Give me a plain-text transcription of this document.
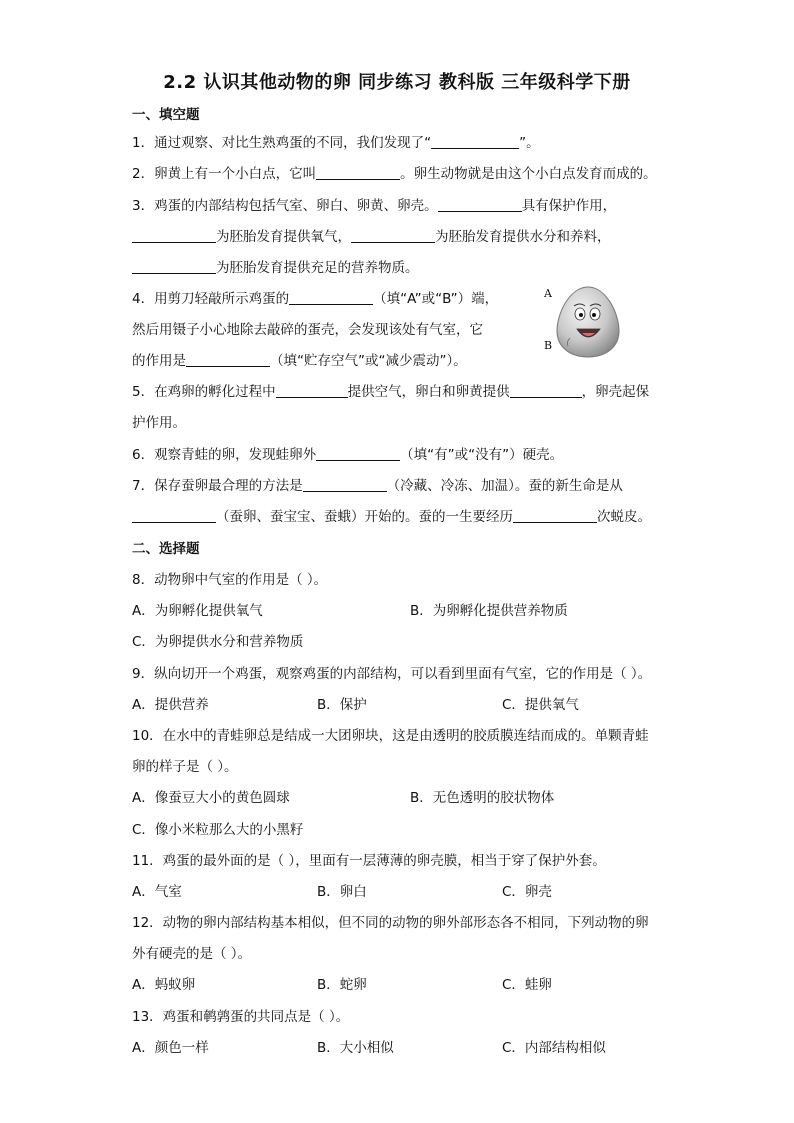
2.2 认识其他动物的卵 同步练习 教科版 三年级科学下册
一、填空题
1．通过观察、对比生熟鸡蛋的不同，我们发现了“	”。
2．卵黄上有一个小白点，它叫	。卵生动物就是由这个小白点发育而成的。
3．鸡蛋的内部结构包括气室、卵白、卵黄、卵壳。	具有保护作用，
为胚胎发育提供氧气，	为胚胎发育提供水分和养料，
为胚胎发育提供充足的营养物质。
4．用剪刀轻敲所示鸡蛋的	（填“A”或“B”）端，
然后用镊子小心地除去敲碎的蛋壳，会发现该处有气室，它
的作用是	（填“贮存空气”或“减少震动”）。
A
B
5．在鸡卵的孵化过程中	提供空气，卵白和卵黄提供	，卵壳起保
护作用。
6．观察青蛙的卵，发现蛙卵外	（填“有”或“没有”）硬壳。
7．保存蚕卵最合理的方法是	（冷藏、冷冻、加温）。蚕的新生命是从
（蚕卵、蚕宝宝、蚕蛾）开始的。蚕的一生要经历	次蜕皮。
二、选择题
8．动物卵中气室的作用是（ ）。
A．为卵孵化提供氧气	B．为卵孵化提供营养物质
C．为卵提供水分和营养物质
9．纵向切开一个鸡蛋，观察鸡蛋的内部结构，可以看到里面有气室，它的作用是（ ）。
A．提供营养	B．保护	C．提供氧气
10．在水中的青蛙卵总是结成一大团卵块，这是由透明的胶质膜连结而成的。单颗青蛙
卵的样子是（ ）。
A．像蚕豆大小的黄色圆球	B．无色透明的胶状物体
C．像小米粒那么大的小黑籽
11．鸡蛋的最外面的是（ ），里面有一层薄薄的卵壳膜，相当于穿了保护外套。
A．气室	B．卵白	C．卵壳
12．动物的卵内部结构基本相似，但不同的动物的卵外部形态各不相同，下列动物的卵
外有硬壳的是（ ）。
A．蚂蚁卵	B．蛇卵	C．蛙卵
13．鸡蛋和鹌鹑蛋的共同点是（ ）。
A．颜色一样	B．大小相似	C．内部结构相似
